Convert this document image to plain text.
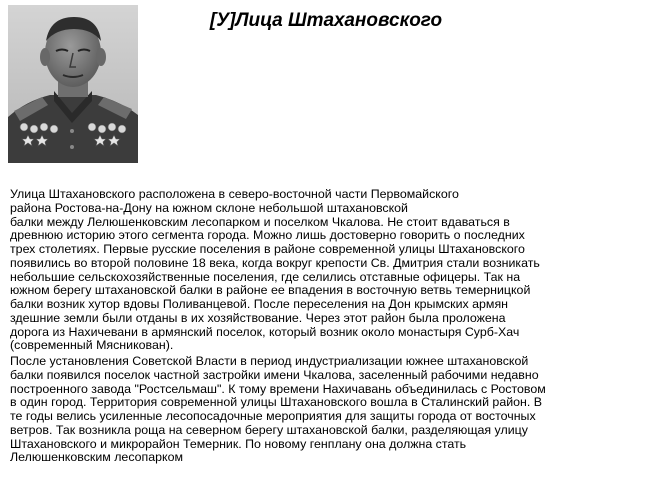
[У]Лица Штахановского

Улица Штахановского расположена в северо-восточной части Первомайского
района Ростова-на-Дону на южном склоне небольшой штахановской
балки между Лелюшенковским лесопарком и поселком Чкалова. Не стоит вдаваться в
древнюю историю этого сегмента города. Можно лишь достоверно говорить о последних
трех столетиях. Первые русские поселения в районе современной улицы Штахановского
появились во второй половине 18 века, когда вокруг крепости Св. Дмитрия стали возникать
небольшие сельскохозяйственные поселения, где селились отставные офицеры. Так на
южном берегу штахановской балки в районе ее впадения в восточную ветвь темерницкой
балки возник хутор вдовы Поливанцевой. После переселения на Дон крымских армян
здешние земли были отданы в их хозяйствование. Через этот район была проложена
дорога из Нахичевани в армянский поселок, который возник около монастыря Сурб-Хач
(современный Мясникован).

После установления Советской Власти в период индустриализации южнее штахановской
балки появился поселок частной застройки имени Чкалова, заселенный рабочими недавно
построенного завода "Ростсельмаш". К тому времени Нахичавань объединилась с Ростовом
в один город. Территория современной улицы Штахановского вошла в Сталинский район. В
те годы велись усиленные лесопосадочные мероприятия для защиты города от восточных
ветров. Так возникла роща на северном берегу штахановской балки, разделяющая улицу
Штахановского и микрорайон Темерник. По новому генплану она должна стать
Лелюшенковским лесопарком
